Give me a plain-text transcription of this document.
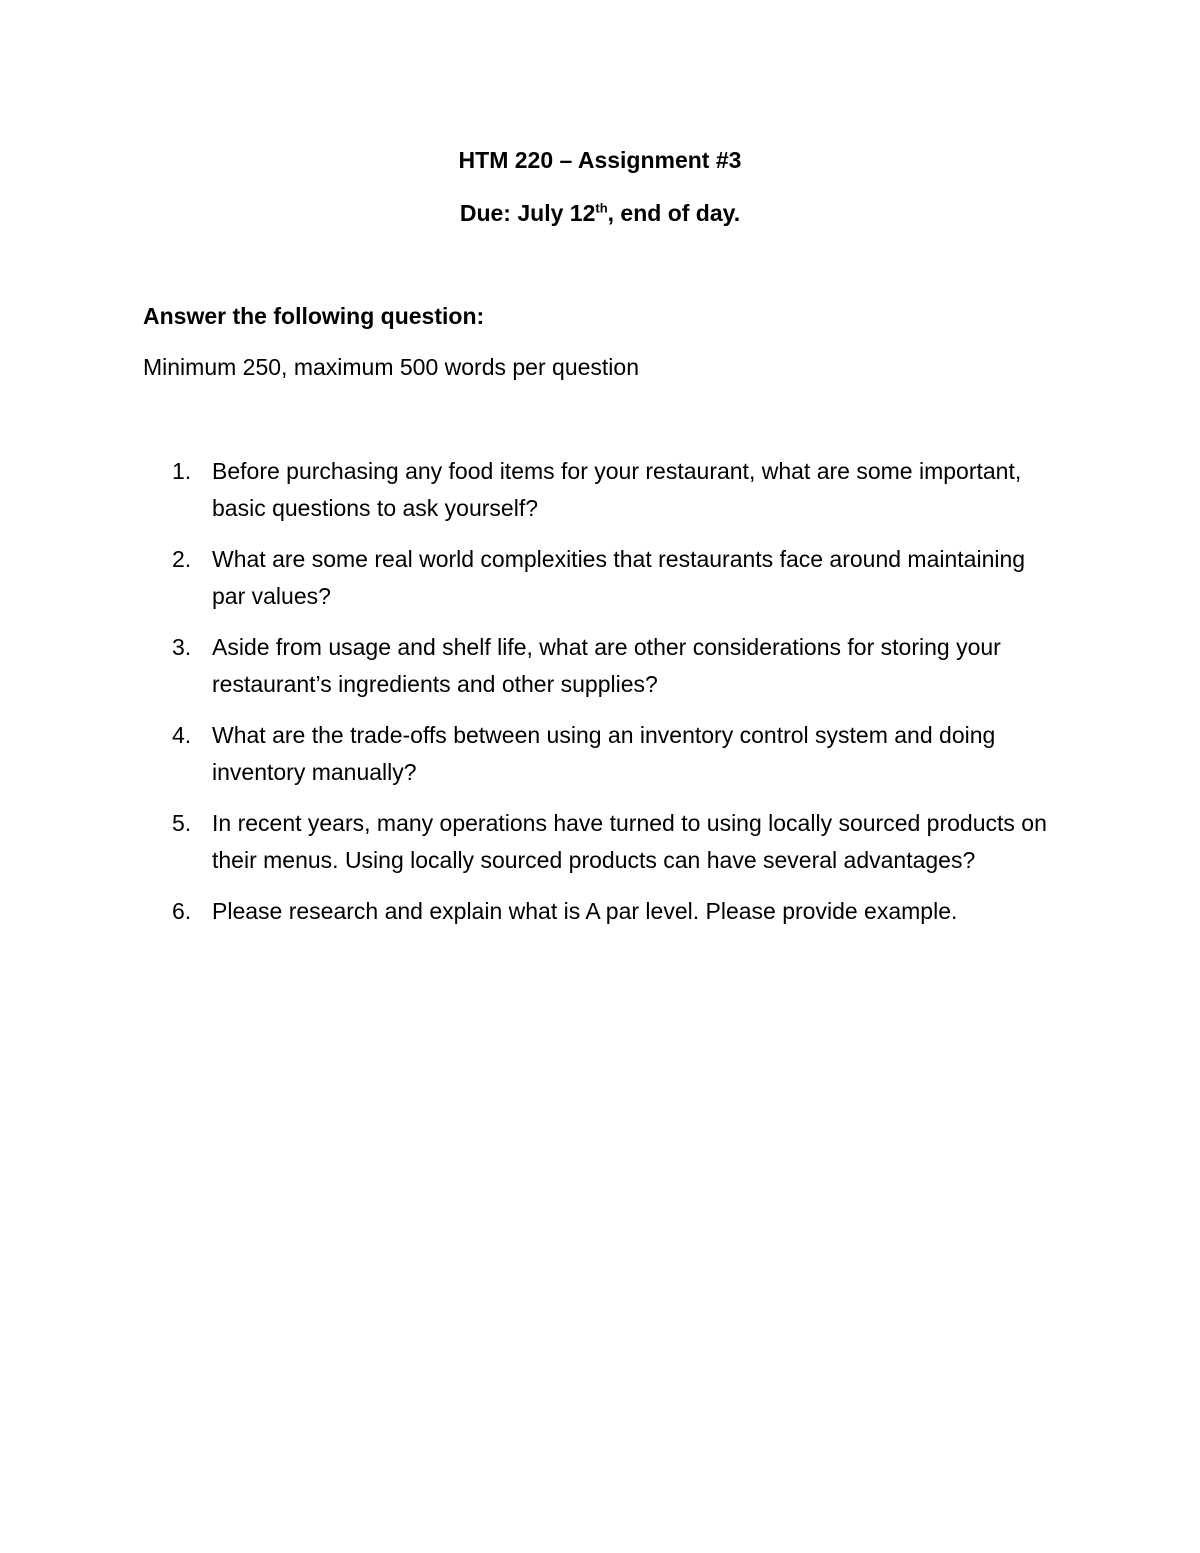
HTM 220 – Assignment #3
Due: July 12th, end of day.
Answer the following question:
Minimum 250, maximum 500 words per question
1. Before purchasing any food items for your restaurant, what are some important, basic questions to ask yourself?
2. What are some real world complexities that restaurants face around maintaining par values?
3. Aside from usage and shelf life, what are other considerations for storing your restaurant’s ingredients and other supplies?
4. What are the trade-offs between using an inventory control system and doing inventory manually?
5. In recent years, many operations have turned to using locally sourced products on their menus. Using locally sourced products can have several advantages?
6. Please research and explain what is A par level. Please provide example.
